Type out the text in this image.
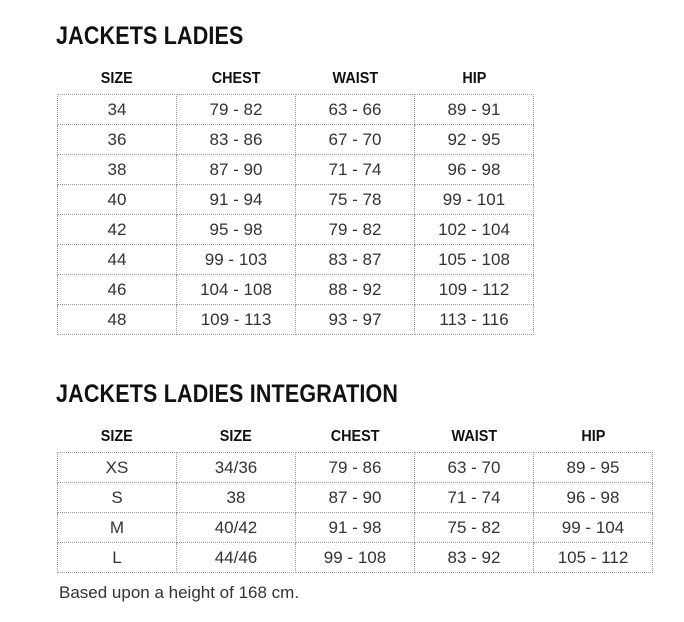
JACKETS LADIES
SIZE	CHEST	WAIST	HIP
34	79 - 82	63 - 66	89 - 91
36	83 - 86	67 - 70	92 - 95
38	87 - 90	71 - 74	96 - 98
40	91 - 94	75 - 78	99 - 101
42	95 - 98	79 - 82	102 - 104
44	99 - 103	83 - 87	105 - 108
46	104 - 108	88 - 92	109 - 112
48	109 - 113	93 - 97	113 - 116
JACKETS LADIES INTEGRATION
SIZE	SIZE	CHEST	WAIST	HIP
XS	34/36	79 - 86	63 - 70	89 - 95
S	38	87 - 90	71 - 74	96 - 98
M	40/42	91 - 98	75 - 82	99 - 104
L	44/46	99 - 108	83 - 92	105 - 112

Based upon a height of 168 cm.
